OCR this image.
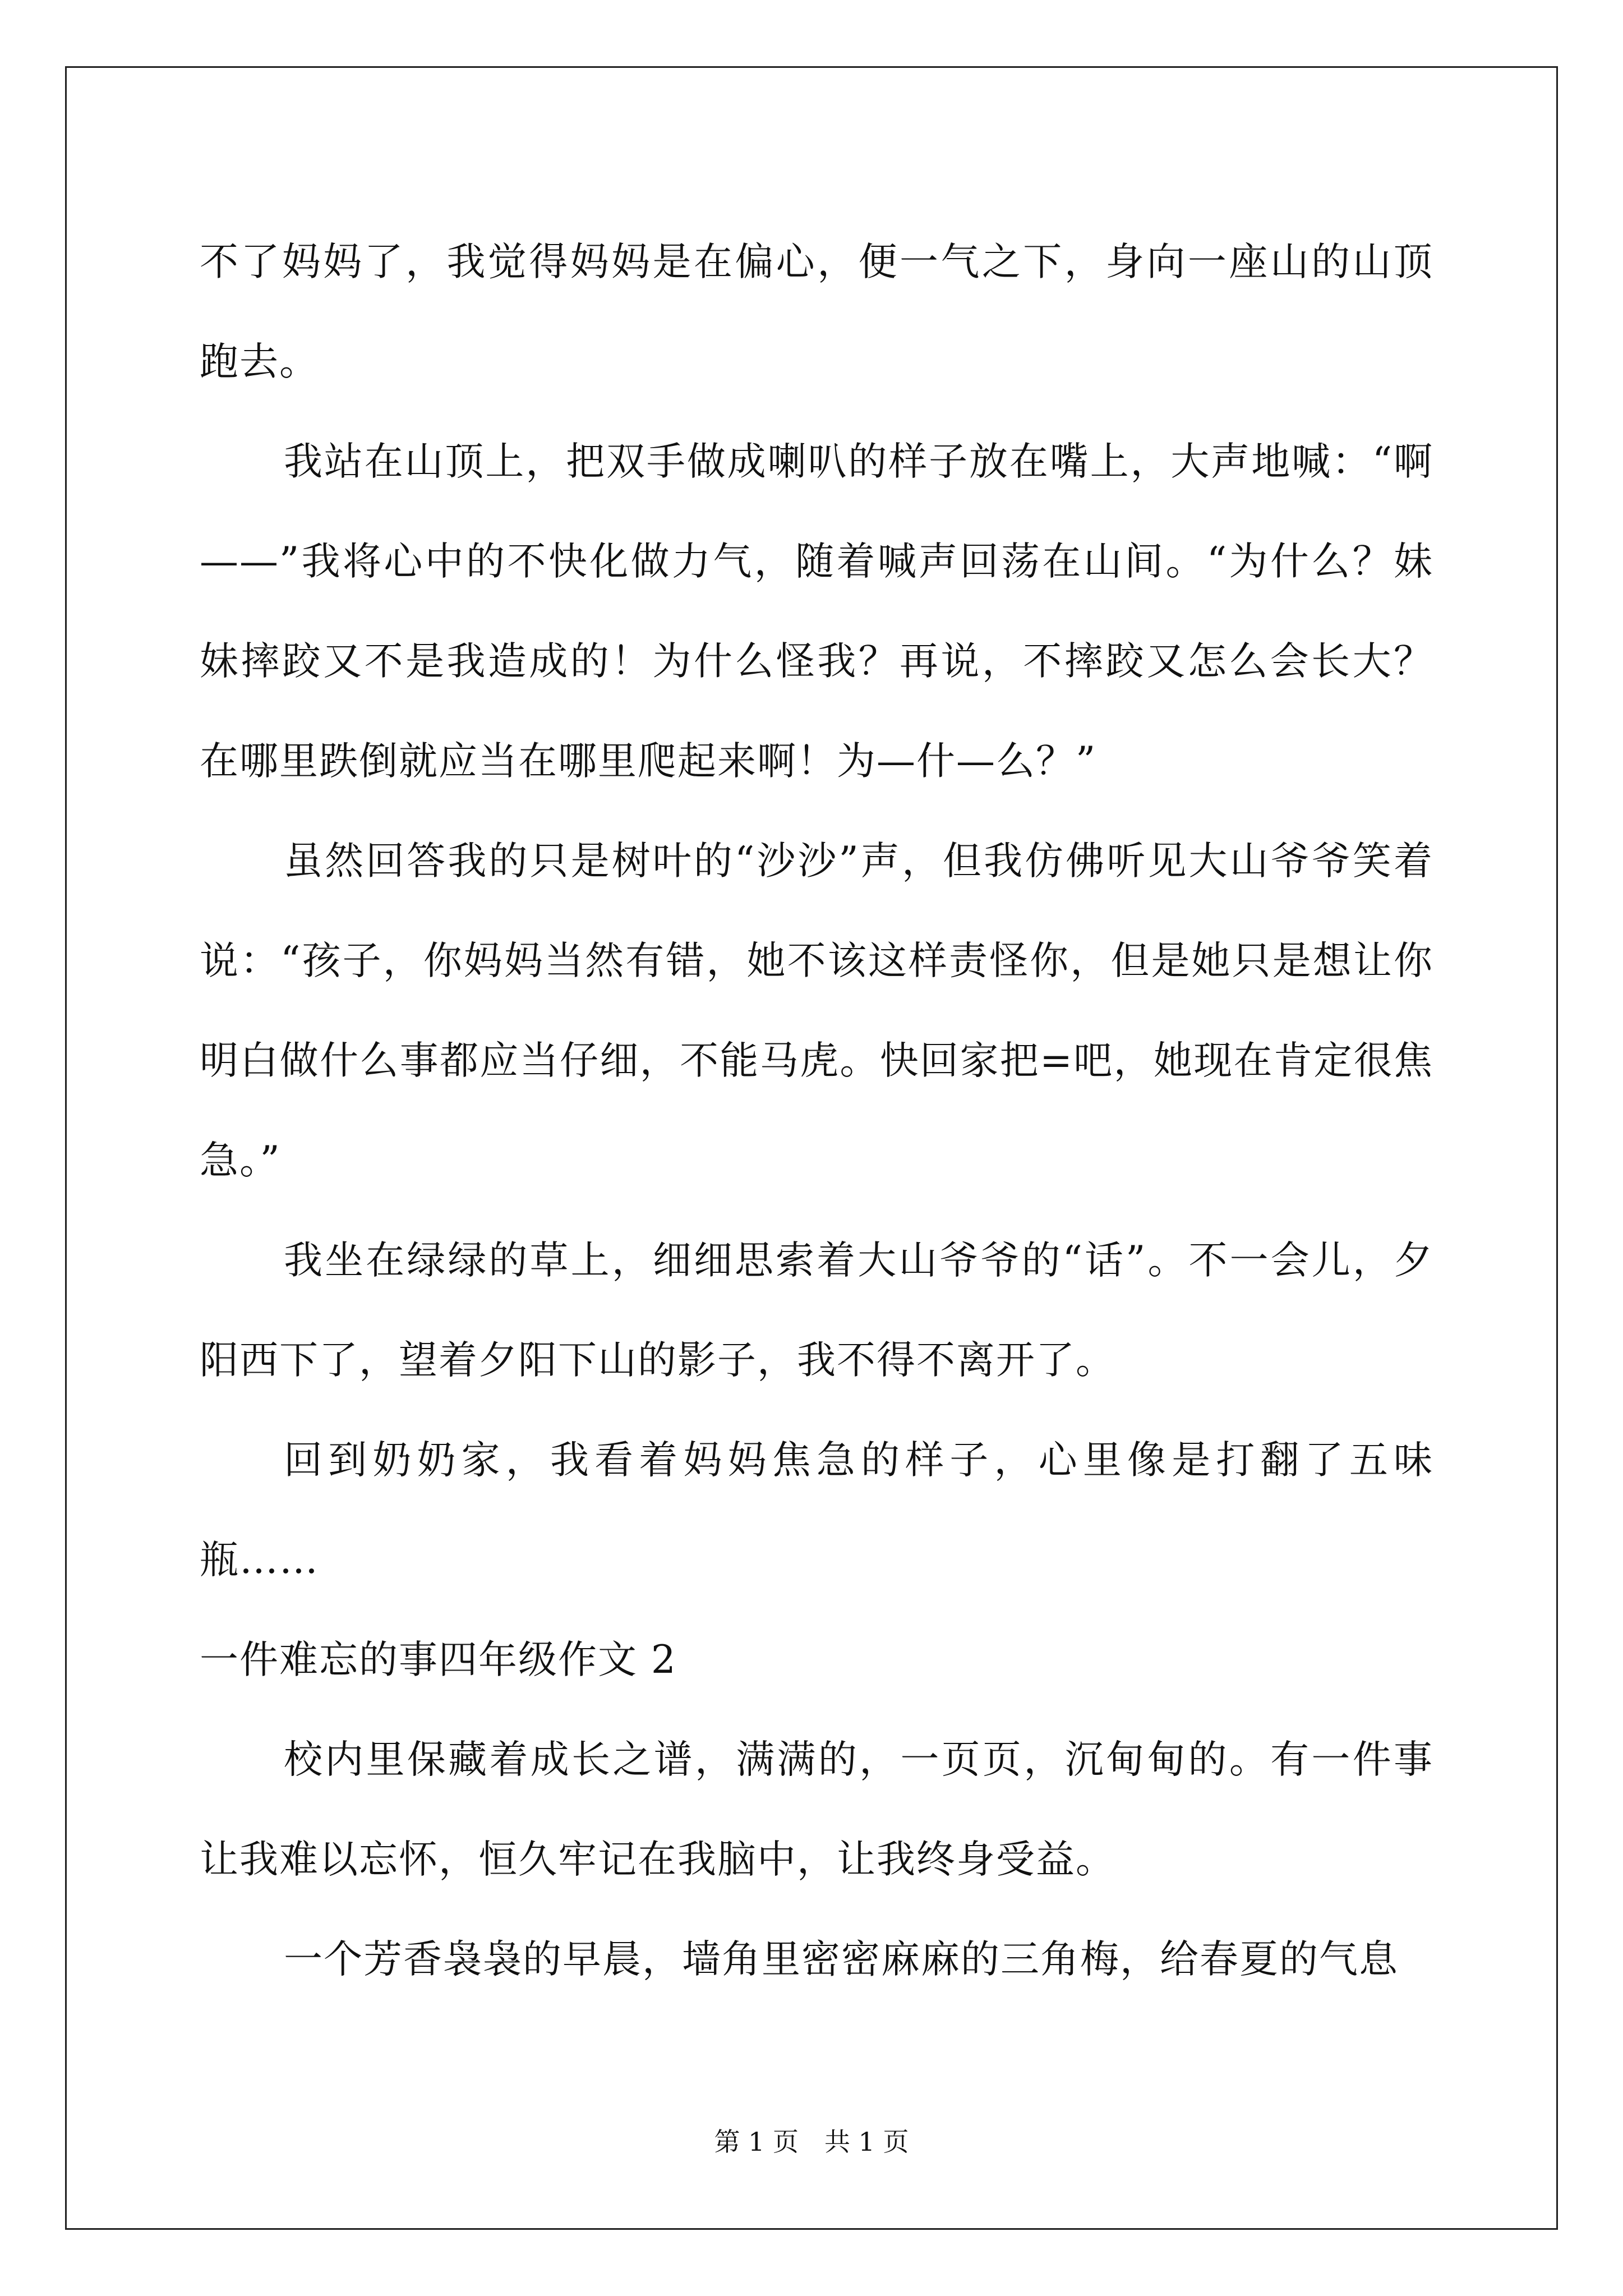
不了妈妈了，我觉得妈妈是在偏心，便一气之下，身向一座山的山顶跑去。

我站在山顶上，把双手做成喇叭的样子放在嘴上，大声地喊：“啊——”我将心中的不快化做力气，随着喊声回荡在山间。“为什么？妹妹摔跤又不是我造成的！为什么怪我？再说，不摔跤又怎么会长大？在哪里跌倒就应当在哪里爬起来啊！为—什—么？”

虽然回答我的只是树叶的“沙沙”声，但我仿佛听见大山爷爷笑着说：“孩子，你妈妈当然有错，她不该这样责怪你，但是她只是想让你明白做什么事都应当仔细，不能马虎。快回家把=吧，她现在肯定很焦急。”

我坐在绿绿的草上，细细思索着大山爷爷的“话”。不一会儿，夕阳西下了，望着夕阳下山的影子，我不得不离开了。

回到奶奶家，我看着妈妈焦急的样子，心里像是打翻了五味瓶……

一件难忘的事四年级作文 2

校内里保藏着成长之谱，满满的，一页页，沉甸甸的。有一件事让我难以忘怀，恒久牢记在我脑中，让我终身受益。

一个芳香袅袅的早晨，墙角里密密麻麻的三角梅，给春夏的气息

第 1 页　共 1 页
